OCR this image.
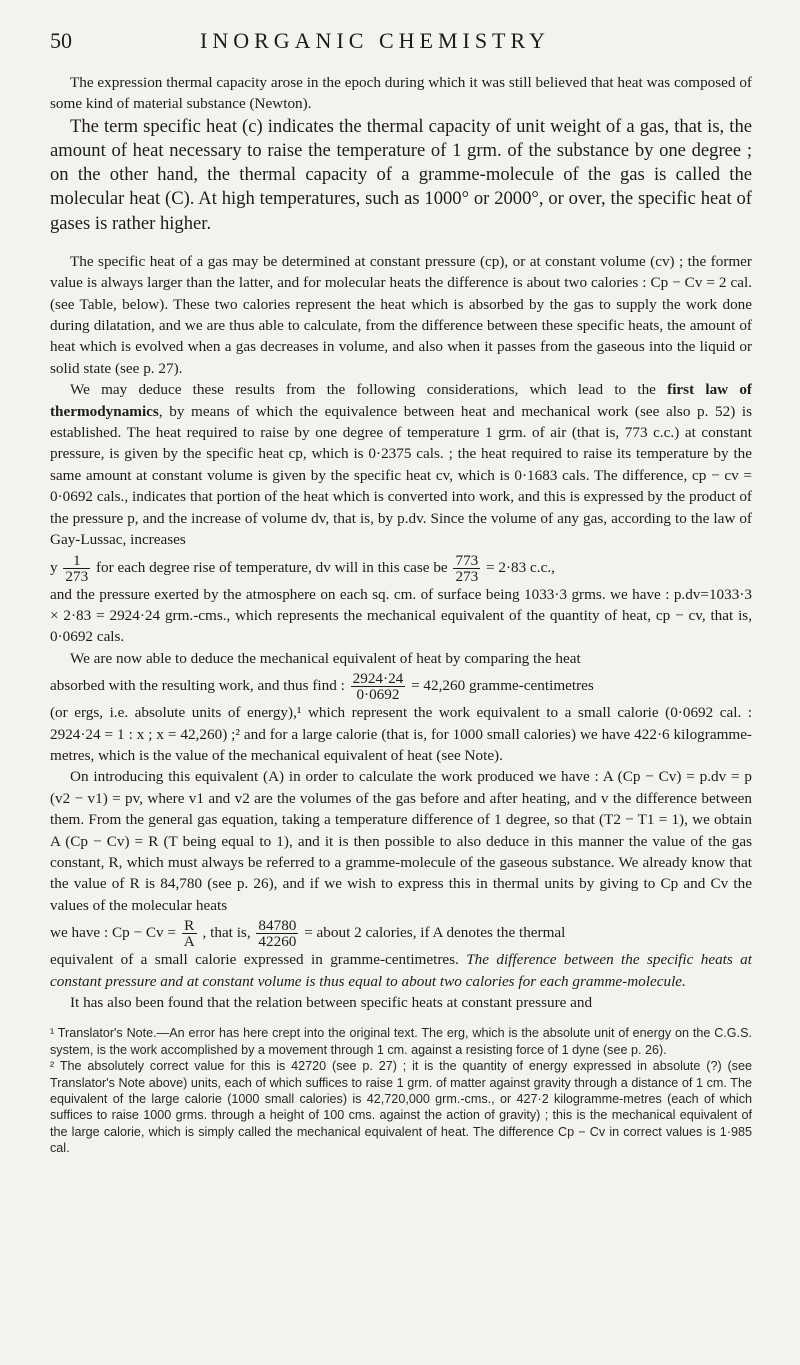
50	INORGANIC CHEMISTRY

The expression thermal capacity arose in the epoch during which it was still believed that heat was composed of some kind of material substance (Newton).

The term specific heat (c) indicates the thermal capacity of unit weight of a gas, that is, the amount of heat necessary to raise the temperature of 1 grm. of the substance by one degree ; on the other hand, the thermal capacity of a gramme-molecule of the gas is called the molecular heat (C). At high temperatures, such as 1000° or 2000°, or over, the specific heat of gases is rather higher.

The specific heat of a gas may be determined at constant pressure (cp), or at constant volume (cv) ; the former value is always larger than the latter, and for molecular heats the difference is about two calories : Cp − Cv = 2 cal. (see Table, below). These two calories represent the heat which is absorbed by the gas to supply the work done during dilatation, and we are thus able to calculate, from the difference between these specific heats, the amount of heat which is evolved when a gas decreases in volume, and also when it passes from the gaseous into the liquid or solid state (see p. 27).

We may deduce these results from the following considerations, which lead to the first law of thermodynamics, by means of which the equivalence between heat and mechanical work (see also p. 52) is established. The heat required to raise by one degree of temperature 1 grm. of air (that is, 773 c.c.) at constant pressure, is given by the specific heat cp, which is 0·2375 cals. ; the heat required to raise its temperature by the same amount at constant volume is given by the specific heat cv, which is 0·1683 cals. The difference, cp − cv = 0·0692 cals., indicates that portion of the heat which is converted into work, and this is expressed by the product of the pressure p, and the increase of volume dv, that is, by p.dv. Since the volume of any gas, according to the law of Gay-Lussac, increases

y $\frac{1}{273}$ for each degree rise of temperature, dv will in this case be $\frac{773}{273} = 2\cdot 83$ c.c.,

and the pressure exerted by the atmosphere on each sq. cm. of surface being 1033·3 grms. we have : p.dv=1033·3 × 2·83 = 2924·24 grm.-cms., which represents the mechanical equivalent of the quantity of heat, cp − cv, that is, 0·0692 cals.

We are now able to deduce the mechanical equivalent of heat by comparing the heat

absorbed with the resulting work, and thus find : $\frac{2924\cdot 24}{0\cdot 0692} = 42,260$ gramme-centimetres

(or ergs, i.e. absolute units of energy),¹ which represent the work equivalent to a small calorie (0·0692 cal. : 2924·24 = 1 : x ; x = 42,260) ;² and for a large calorie (that is, for 1000 small calories) we have 422·6 kilogramme-metres, which is the value of the mechanical equivalent of heat (see Note).

On introducing this equivalent (A) in order to calculate the work produced we have : A (Cp − Cv) = p.dv = p (v2 − v1) = pv, where v1 and v2 are the volumes of the gas before and after heating, and v the difference between them. From the general gas equation, taking a temperature difference of 1 degree, so that (T2 − T1 = 1), we obtain A (Cp − Cv) = R (T being equal to 1), and it is then possible to also deduce in this manner the value of the gas constant, R, which must always be referred to a gramme-molecule of the gaseous substance. We already know that the value of R is 84,780 (see p. 26), and if we wish to express this in thermal units by giving to Cp and Cv the values of the molecular heats

we have : $Cp - Cv = \frac{R}{A}$ , that is, $\frac{84780}{42260}$ = about 2 calories, if A denotes the thermal

equivalent of a small calorie expressed in gramme-centimetres. The difference between the specific heats at constant pressure and at constant volume is thus equal to about two calories for each gramme-molecule.

It has also been found that the relation between specific heats at constant pressure and

¹ Translator's Note.—An error has here crept into the original text. The erg, which is the absolute unit of energy on the C.G.S. system, is the work accomplished by a movement through 1 cm. against a resisting force of 1 dyne (see p. 26).

² The absolutely correct value for this is 42720 (see p. 27) ; it is the quantity of energy expressed in absolute (?) (see Translator's Note above) units, each of which suffices to raise 1 grm. of matter against gravity through a distance of 1 cm. The equivalent of the large calorie (1000 small calories) is 42,720,000 grm.-cms., or 427·2 kilogramme-metres (each of which suffices to raise 1000 grms. through a height of 100 cms. against the action of gravity) ; this is the mechanical equivalent of the large calorie, which is simply called the mechanical equivalent of heat. The difference Cp − Cv in correct values is 1·985 cal.
